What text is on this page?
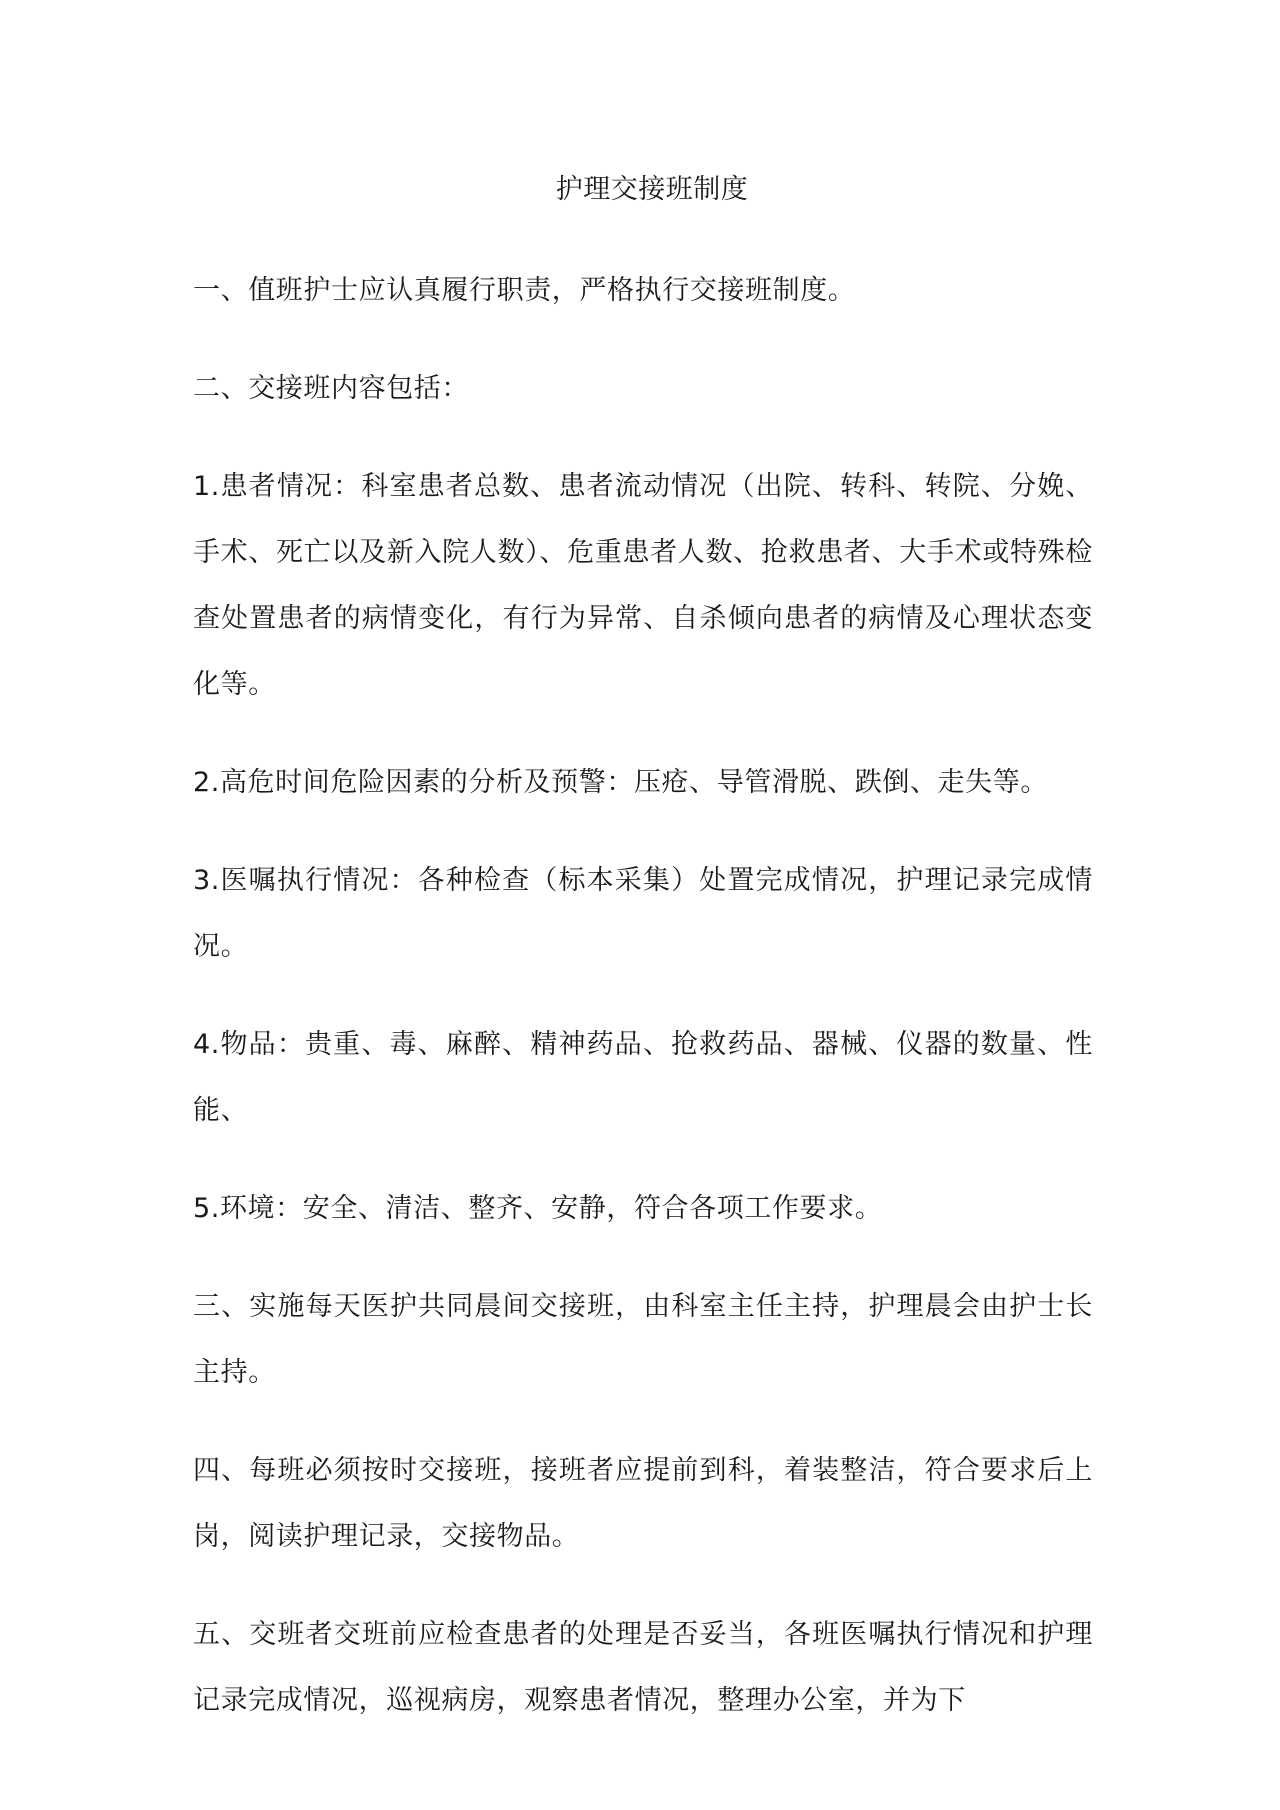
护理交接班制度

一、值班护士应认真履行职责，严格执行交接班制度。

二、交接班内容包括：

1.患者情况：科室患者总数、患者流动情况（出院、转科、转院、分娩、手术、死亡以及新入院人数）、危重患者人数、抢救患者、大手术或特殊检查处置患者的病情变化，有行为异常、自杀倾向患者的病情及心理状态变化等。

2.高危时间危险因素的分析及预警：压疮、导管滑脱、跌倒、走失等。

3.医嘱执行情况：各种检查（标本采集）处置完成情况，护理记录完成情况。

4.物品：贵重、毒、麻醉、精神药品、抢救药品、器械、仪器的数量、性能、

5.环境：安全、清洁、整齐、安静，符合各项工作要求。

三、实施每天医护共同晨间交接班，由科室主任主持，护理晨会由护士长主持。

四、每班必须按时交接班，接班者应提前到科，着装整洁，符合要求后上岗，阅读护理记录，交接物品。

五、交班者交班前应检查患者的处理是否妥当，各班医嘱执行情况和护理记录完成情况，巡视病房，观察患者情况，整理办公室，并为下
